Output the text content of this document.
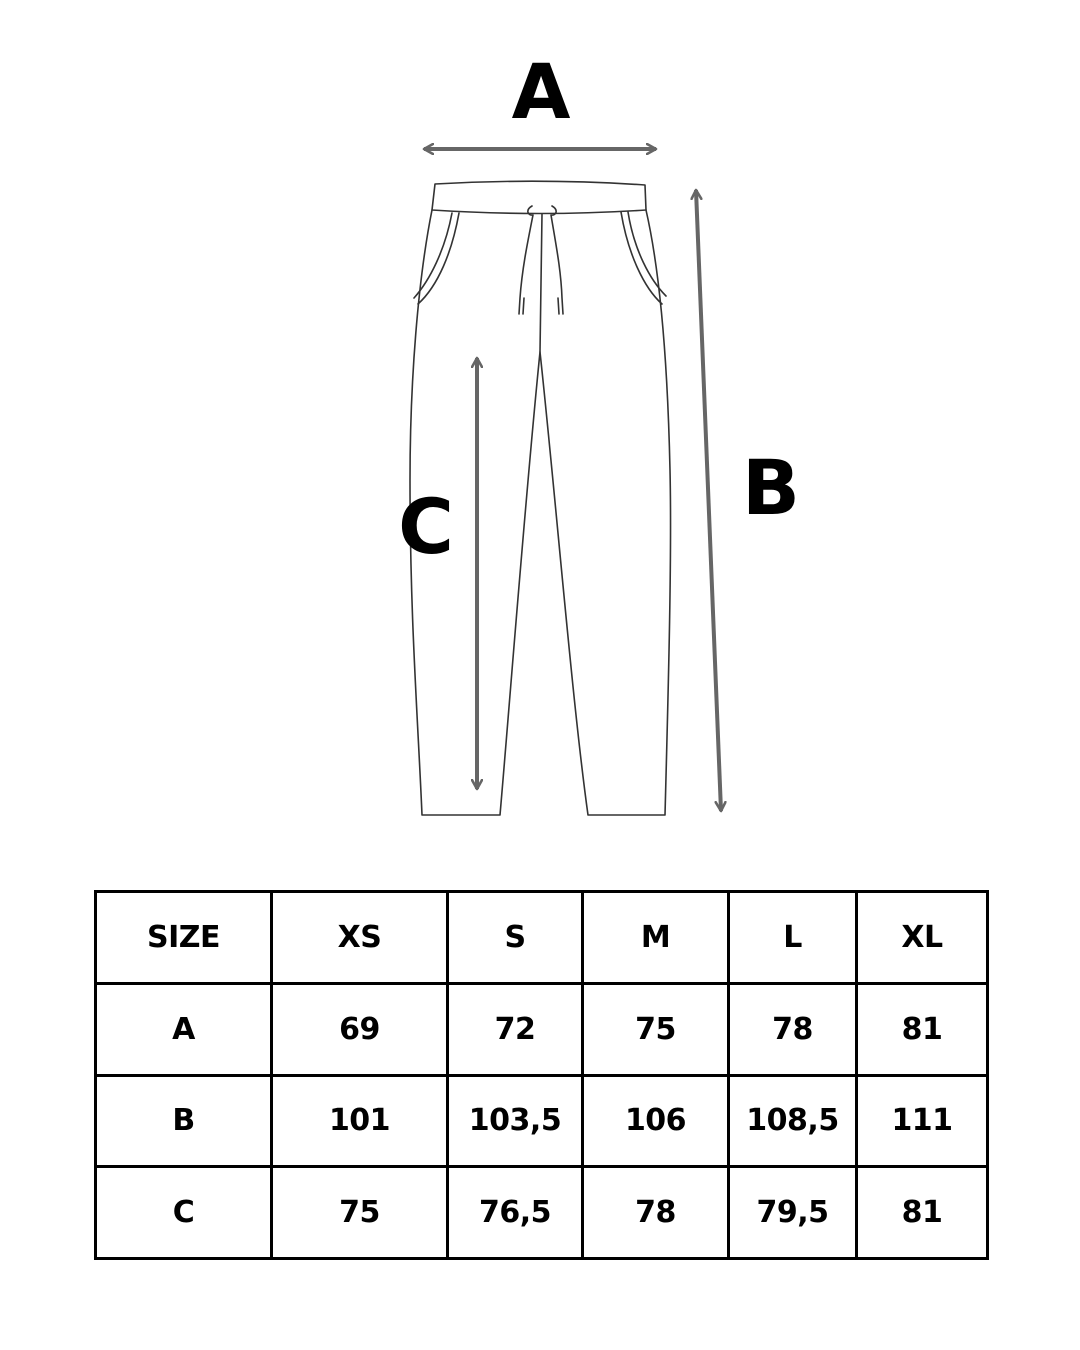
A
B
C
SIZE	XS	S	M	L	XL
A	69	72	75	78	81
B	101	103,5	106	108,5	111
C	75	76,5	78	79,5	81
